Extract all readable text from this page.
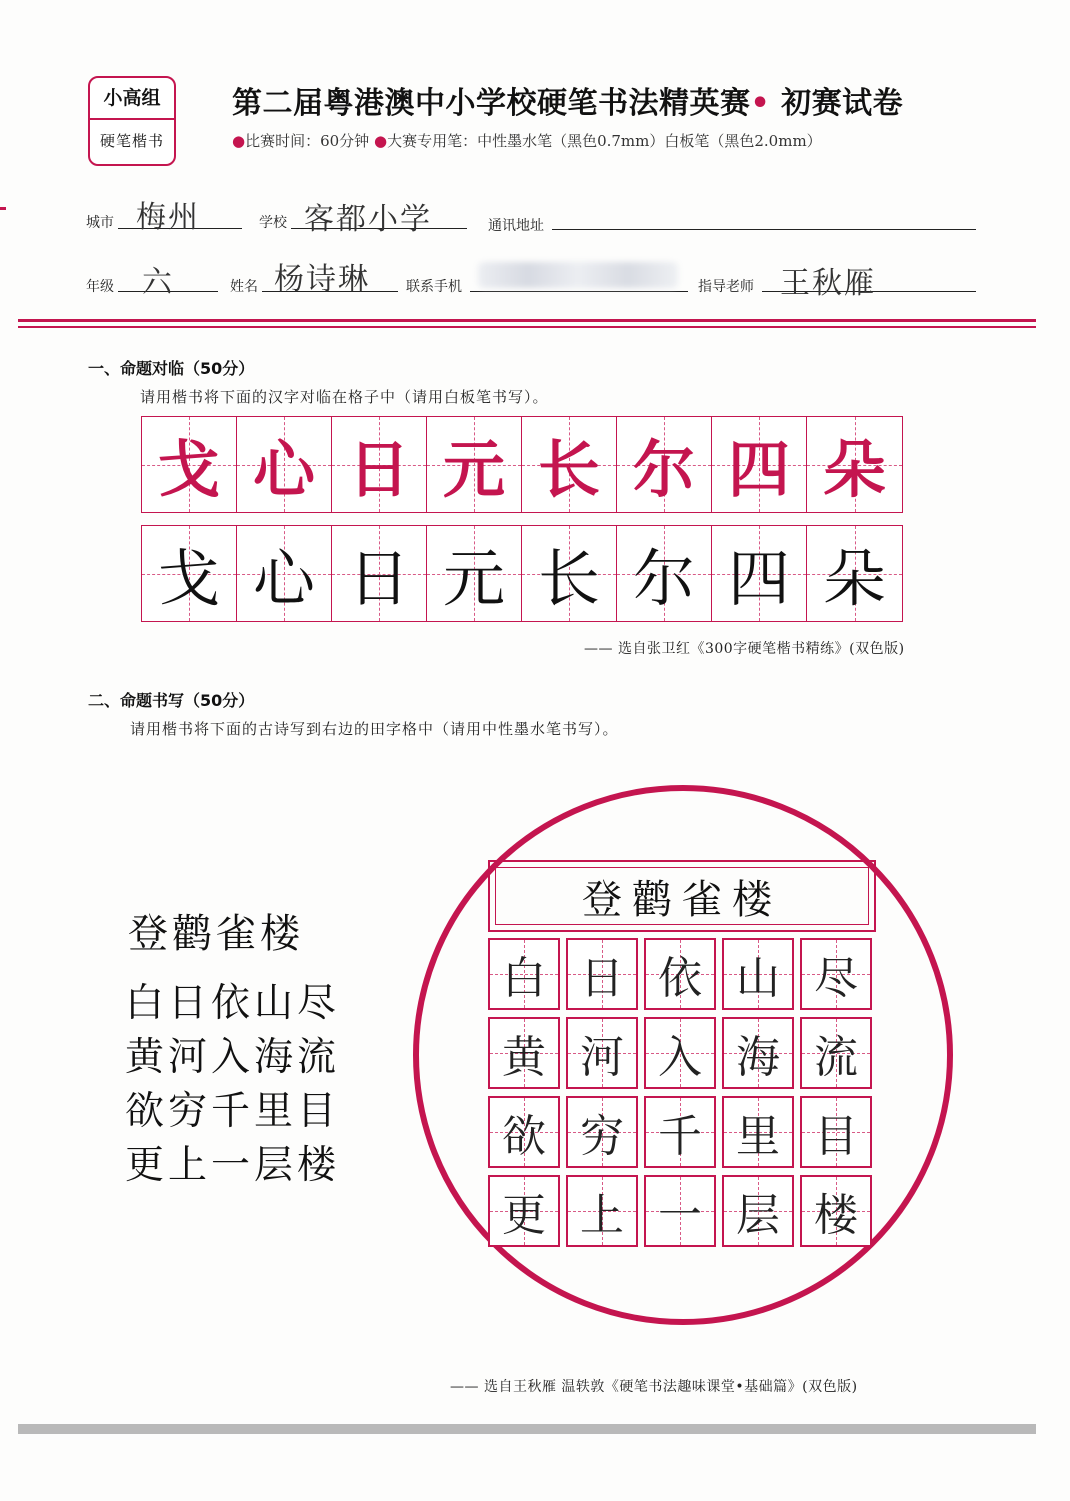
小高组
硬笔楷书
第二届粤港澳中小学校硬笔书法精英赛• 初赛试卷
●比赛时间：60分钟 ●大赛专用笔：中性墨水笔（黑色0.7mm）白板笔（黑色2.0mm）
城市 梅州	学校 客都小学	通讯地址
年级 六	姓名 杨诗琳	联系手机	指导老师 王秋雁
一、命题对临（50分）
请用楷书将下面的汉字对临在格子中（请用白板笔书写）。
戈 心 日 元 长 尔 四 朵
戈 心 日 元 长 尔 四 朵
—— 选自张卫红《300字硬笔楷书精练》(双色版)
二、命题书写（50分）
请用楷书将下面的古诗写到右边的田字格中（请用中性墨水笔书写）。
登鹳雀楼
白日依山尽
黄河入海流
欲穷千里目
更上一层楼
登鹳雀楼
白 日 依 山 尽
黄 河 入 海 流
欲 穷 千 里 目
更 上 一 层 楼
—— 选自王秋雁 温轶敦《硬笔书法趣味课堂•基础篇》(双色版)
